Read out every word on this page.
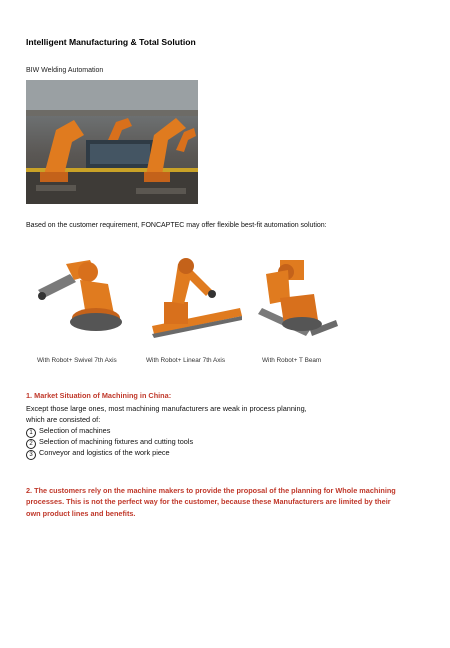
Intelligent Manufacturing & Total Solution
BIW Welding Automation
Based on the customer requirement, FONCAPTEC may offer flexible best-fit automation solution:
With Robot+ Swivel 7th Axis	With Robot+ Linear 7th Axis	With Robot+ T Beam
1. Market Situation of Machining in China:
Except those large ones, most machining manufacturers are weak in process planning,
which are consisted of:
1 Selection of machines
2 Selection of machining fixtures and cutting tools
3 Conveyor and logistics of the work piece
2. The customers rely on the machine makers to provide the proposal of the planning for Whole machining processes. This is not the perfect way for the customer, because these Manufacturers are limited by their own product lines and benefits.
